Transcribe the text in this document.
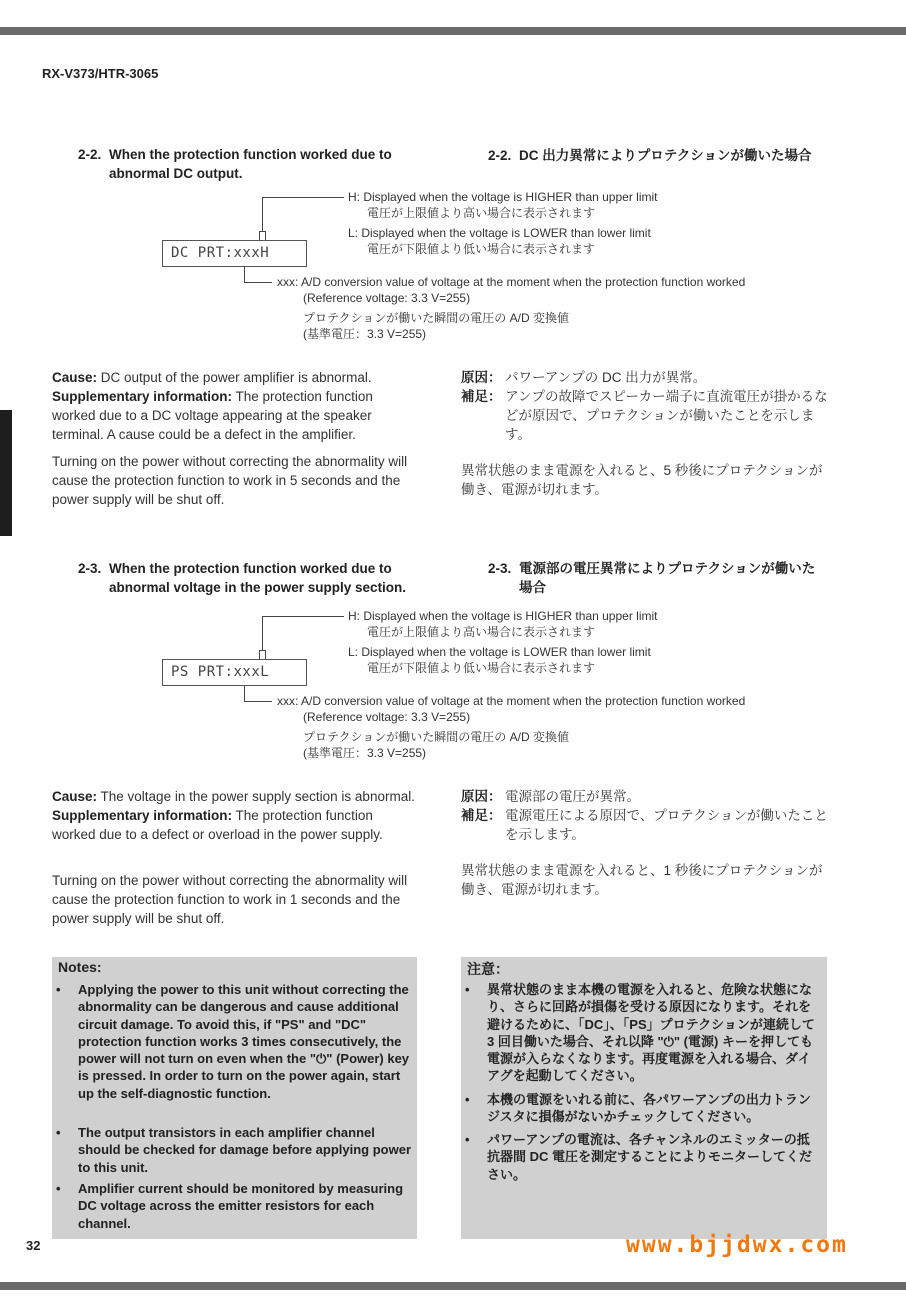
RX-V373/HTR-3065
2-2. When the protection function worked due to abnormal DC output.
2-2. DC 出力異常によりプロテクションが働いた場合
DC PRT:xxxH
H: Displayed when the voltage is HIGHER than upper limit
電圧が上限値より高い場合に表示されます
L: Displayed when the voltage is LOWER than lower limit
電圧が下限値より低い場合に表示されます
xxx: A/D conversion value of voltage at the moment when the protection function worked
(Reference voltage: 3.3 V=255)
プロテクションが働いた瞬間の電圧の A/D 変換値
(基準電圧：3.3 V=255)
Cause: DC output of the power amplifier is abnormal.
Supplementary information: The protection function worked due to a DC voltage appearing at the speaker terminal. A cause could be a defect in the amplifier.
Turning on the power without correcting the abnormality will cause the protection function to work in 5 seconds and the power supply will be shut off.
原因： パワーアンプの DC 出力が異常。
補足： アンプの故障でスピーカー端子に直流電圧が掛かるなどが原因で、プロテクションが働いたことを示します。
異常状態のまま電源を入れると、5 秒後にプロテクションが働き、電源が切れます。
2-3. When the protection function worked due to abnormal voltage in the power supply section.
2-3. 電源部の電圧異常によりプロテクションが働いた場合
PS PRT:xxxL
H: Displayed when the voltage is HIGHER than upper limit
電圧が上限値より高い場合に表示されます
L: Displayed when the voltage is LOWER than lower limit
電圧が下限値より低い場合に表示されます
xxx: A/D conversion value of voltage at the moment when the protection function worked
(Reference voltage: 3.3 V=255)
プロテクションが働いた瞬間の電圧の A/D 変換値
(基準電圧：3.3 V=255)
Cause: The voltage in the power supply section is abnormal.
Supplementary information: The protection function worked due to a defect or overload in the power supply.
Turning on the power without correcting the abnormality will cause the protection function to work in 1 seconds and the power supply will be shut off.
原因： 電源部の電圧が異常。
補足： 電源電圧による原因で、プロテクションが働いたことを示します。
異常状態のまま電源を入れると、1 秒後にプロテクションが働き、電源が切れます。
Notes:
• Applying the power to this unit without correcting the abnormality can be dangerous and cause additional circuit damage. To avoid this, if "PS" and "DC" protection function works 3 times consecutively, the power will not turn on even when the "⏻" (Power) key is pressed. In order to turn on the power again, start up the self-diagnostic function.
• The output transistors in each amplifier channel should be checked for damage before applying power to this unit.
• Amplifier current should be monitored by measuring DC voltage across the emitter resistors for each channel.
注意：
• 異常状態のまま本機の電源を入れると、危険な状態になり、さらに回路が損傷を受ける原因になります。それを避けるために、「DC」、「PS」プロテクションが連続して 3 回目働いた場合、それ以降 "⏻" (電源) キーを押しても電源が入らなくなります。再度電源を入れる場合、ダイアグを起動してください。
• 本機の電源をいれる前に、各パワーアンプの出力トランジスタに損傷がないかチェックしてください。
• パワーアンプの電流は、各チャンネルのエミッターの抵抗器間 DC 電圧を測定することによりモニターしてください。
32	www.bjjdwx.com
